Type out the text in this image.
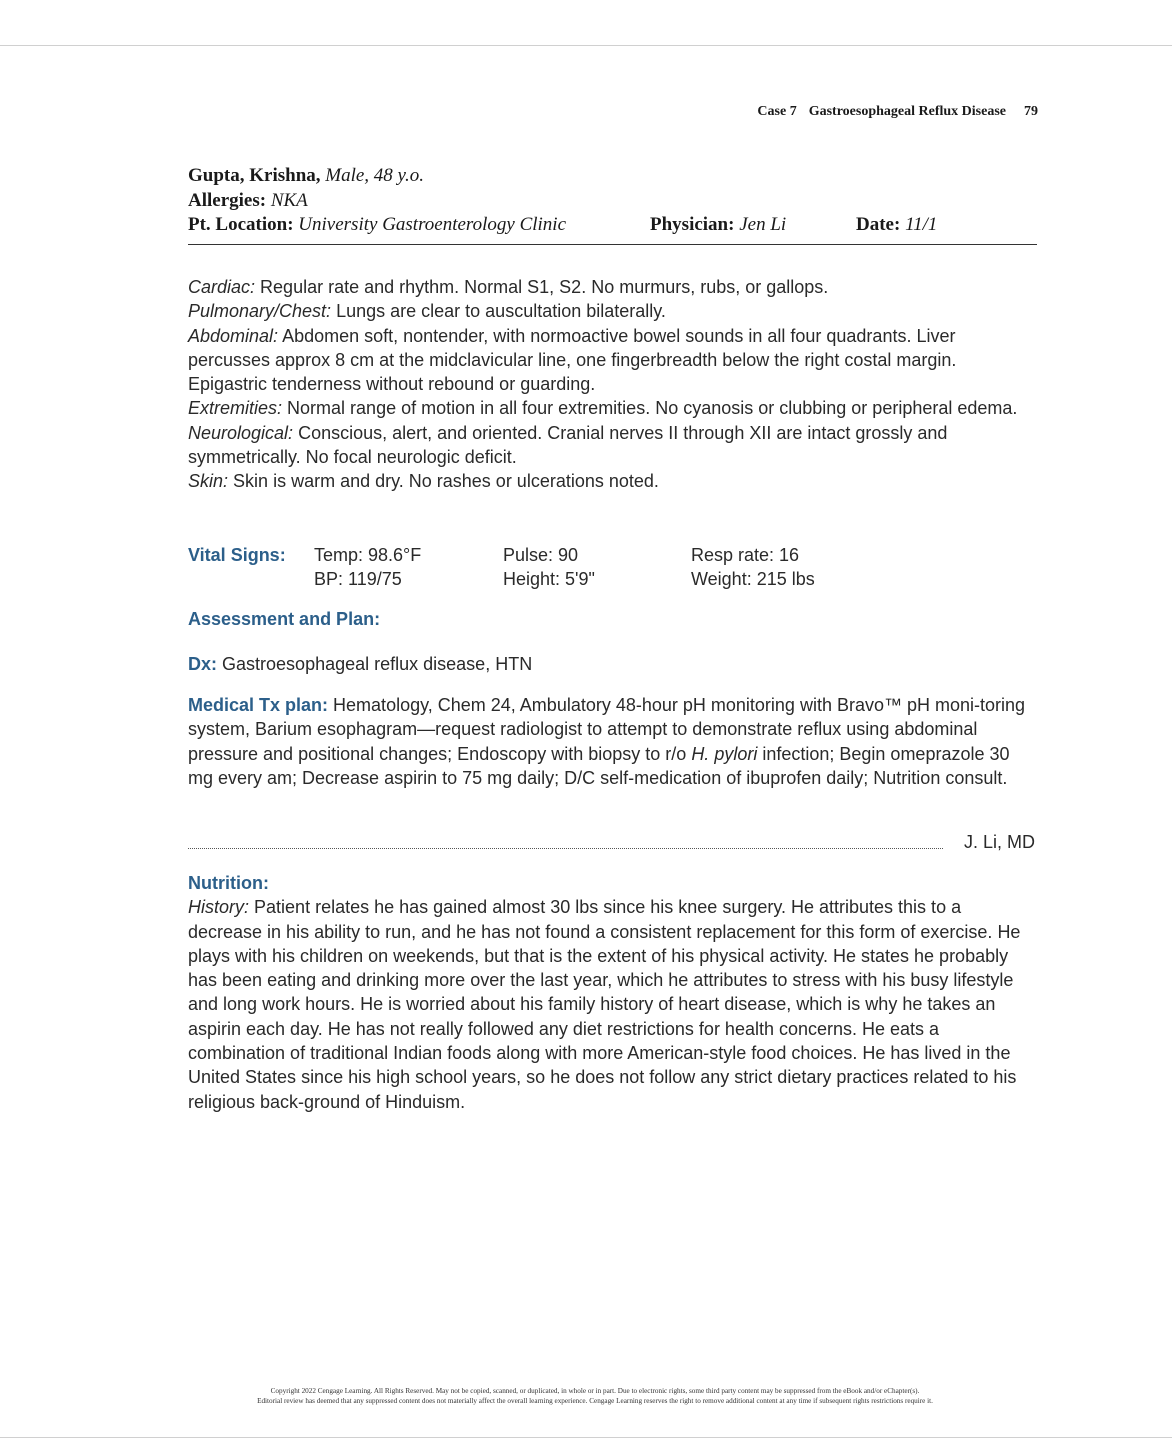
Case 7 Gastroesophageal Reflux Disease 79
Gupta, Krishna, Male, 48 y.o.
Allergies: NKA
Pt. Location: University Gastroenterology Clinic	Physician: Jen Li	Date: 11/1

Cardiac: Regular rate and rhythm. Normal S1, S2. No murmurs, rubs, or gallops.

Pulmonary/Chest: Lungs are clear to auscultation bilaterally.

Abdominal: Abdomen soft, nontender, with normoactive bowel sounds in all four quadrants. Liver percusses approx 8 cm at the midclavicular line, one fingerbreadth below the right costal margin. Epigastric tenderness without rebound or guarding.

Extremities: Normal range of motion in all four extremities. No cyanosis or clubbing or peripheral edema.

Neurological: Conscious, alert, and oriented. Cranial nerves II through XII are intact grossly and symmetrically. No focal neurologic deficit.

Skin: Skin is warm and dry. No rashes or ulcerations noted.

Vital Signs: Temp: 98.6°F
BP: 119/75
Pulse: 90
Height: 5'9"
Resp rate: 16
Weight: 215 lbs
Assessment and Plan:
Dx: Gastroesophageal reflux disease, HTN
Medical Tx plan: Hematology, Chem 24, Ambulatory 48-hour pH monitoring with Bravo™ pH moni-toring system, Barium esophagram—request radiologist to attempt to demonstrate reflux using abdominal pressure and positional changes; Endoscopy with biopsy to r/o H. pylori infection; Begin omeprazole 30 mg every am; Decrease aspirin to 75 mg daily; D/C self-medication of ibuprofen daily; Nutrition consult.
J. Li, MD
Nutrition:

History: Patient relates he has gained almost 30 lbs since his knee surgery. He attributes this to a decrease in his ability to run, and he has not found a consistent replacement for this form of exercise. He plays with his children on weekends, but that is the extent of his physical activity. He states he probably has been eating and drinking more over the last year, which he attributes to stress with his busy lifestyle and long work hours. He is worried about his family history of heart disease, which is why he takes an aspirin each day. He has not really followed any diet restrictions for health concerns. He eats a combination of traditional Indian foods along with more American-style food choices. He has lived in the United States since his high school years, so he does not follow any strict dietary practices related to his religious back-ground of Hinduism.

Copyright 2022 Cengage Learning. All Rights Reserved. May not be copied, scanned, or duplicated, in whole or in part. Due to electronic rights, some third party content may be suppressed from the eBook and/or eChapter(s).
Editorial review has deemed that any suppressed content does not materially affect the overall learning experience. Cengage Learning reserves the right to remove additional content at any time if subsequent rights restrictions require it.
